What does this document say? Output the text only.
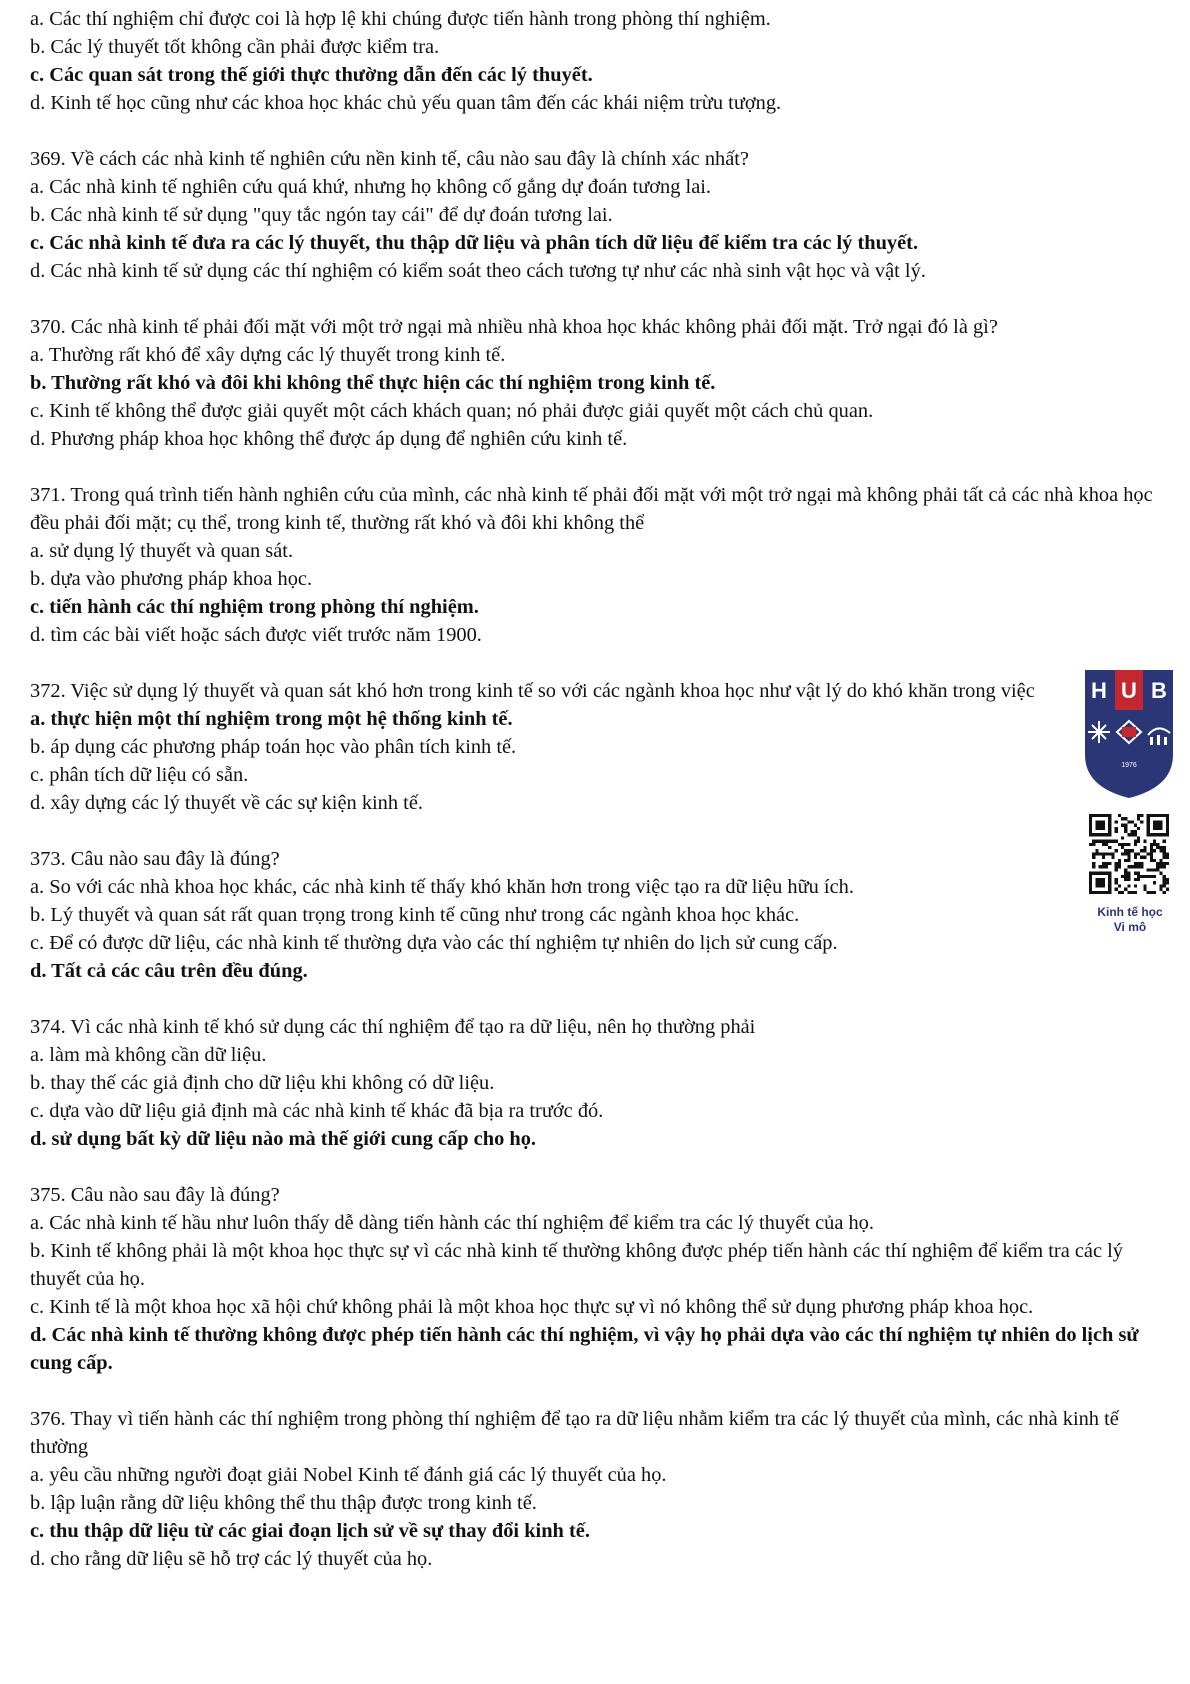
a. Các thí nghiệm chỉ được coi là hợp lệ khi chúng được tiến hành trong phòng thí nghiệm.

b. Các lý thuyết tốt không cần phải được kiểm tra.

c. Các quan sát trong thế giới thực thường dẫn đến các lý thuyết.

d. Kinh tế học cũng như các khoa học khác chủ yếu quan tâm đến các khái niệm trừu tượng.

369. Về cách các nhà kinh tế nghiên cứu nền kinh tế, câu nào sau đây là chính xác nhất?

a. Các nhà kinh tế nghiên cứu quá khứ, nhưng họ không cố gắng dự đoán tương lai.

b. Các nhà kinh tế sử dụng "quy tắc ngón tay cái" để dự đoán tương lai.

c. Các nhà kinh tế đưa ra các lý thuyết, thu thập dữ liệu và phân tích dữ liệu để kiểm tra các lý thuyết.

d. Các nhà kinh tế sử dụng các thí nghiệm có kiểm soát theo cách tương tự như các nhà sinh vật học và vật lý.

370. Các nhà kinh tế phải đối mặt với một trở ngại mà nhiều nhà khoa học khác không phải đối mặt. Trở ngại đó là gì?

a. Thường rất khó để xây dựng các lý thuyết trong kinh tế.

b. Thường rất khó và đôi khi không thể thực hiện các thí nghiệm trong kinh tế.

c. Kinh tế không thể được giải quyết một cách khách quan; nó phải được giải quyết một cách chủ quan.

d. Phương pháp khoa học không thể được áp dụng để nghiên cứu kinh tế.

371. Trong quá trình tiến hành nghiên cứu của mình, các nhà kinh tế phải đối mặt với một trở ngại mà không phải tất cả các nhà khoa học đều phải đối mặt; cụ thể, trong kinh tế, thường rất khó và đôi khi không thể

a. sử dụng lý thuyết và quan sát.

b. dựa vào phương pháp khoa học.

c. tiến hành các thí nghiệm trong phòng thí nghiệm.

d. tìm các bài viết hoặc sách được viết trước năm 1900.

372. Việc sử dụng lý thuyết và quan sát khó hơn trong kinh tế so với các ngành khoa học như vật lý do khó khăn trong việc

a. thực hiện một thí nghiệm trong một hệ thống kinh tế.

b. áp dụng các phương pháp toán học vào phân tích kinh tế.

c. phân tích dữ liệu có sẵn.

d. xây dựng các lý thuyết về các sự kiện kinh tế.

373. Câu nào sau đây là đúng?

a. So với các nhà khoa học khác, các nhà kinh tế thấy khó khăn hơn trong việc tạo ra dữ liệu hữu ích.

b. Lý thuyết và quan sát rất quan trọng trong kinh tế cũng như trong các ngành khoa học khác.

c. Để có được dữ liệu, các nhà kinh tế thường dựa vào các thí nghiệm tự nhiên do lịch sử cung cấp.

d. Tất cả các câu trên đều đúng.

374. Vì các nhà kinh tế khó sử dụng các thí nghiệm để tạo ra dữ liệu, nên họ thường phải

a. làm mà không cần dữ liệu.

b. thay thế các giả định cho dữ liệu khi không có dữ liệu.

c. dựa vào dữ liệu giả định mà các nhà kinh tế khác đã bịa ra trước đó.

d. sử dụng bất kỳ dữ liệu nào mà thế giới cung cấp cho họ.

375. Câu nào sau đây là đúng?

a. Các nhà kinh tế hầu như luôn thấy dễ dàng tiến hành các thí nghiệm để kiểm tra các lý thuyết của họ.

b. Kinh tế không phải là một khoa học thực sự vì các nhà kinh tế thường không được phép tiến hành các thí nghiệm để kiểm tra các lý thuyết của họ.

c. Kinh tế là một khoa học xã hội chứ không phải là một khoa học thực sự vì nó không thể sử dụng phương pháp khoa học.

d. Các nhà kinh tế thường không được phép tiến hành các thí nghiệm, vì vậy họ phải dựa vào các thí nghiệm tự nhiên do lịch sử cung cấp.

376. Thay vì tiến hành các thí nghiệm trong phòng thí nghiệm để tạo ra dữ liệu nhằm kiểm tra các lý thuyết của mình, các nhà kinh tế thường

a. yêu cầu những người đoạt giải Nobel Kinh tế đánh giá các lý thuyết của họ.

b. lập luận rằng dữ liệu không thể thu thập được trong kinh tế.

c. thu thập dữ liệu từ các giai đoạn lịch sử về sự thay đổi kinh tế.

d. cho rằng dữ liệu sẽ hỗ trợ các lý thuyết của họ.

H U B
1976
Kinh tế học
Vi mô
